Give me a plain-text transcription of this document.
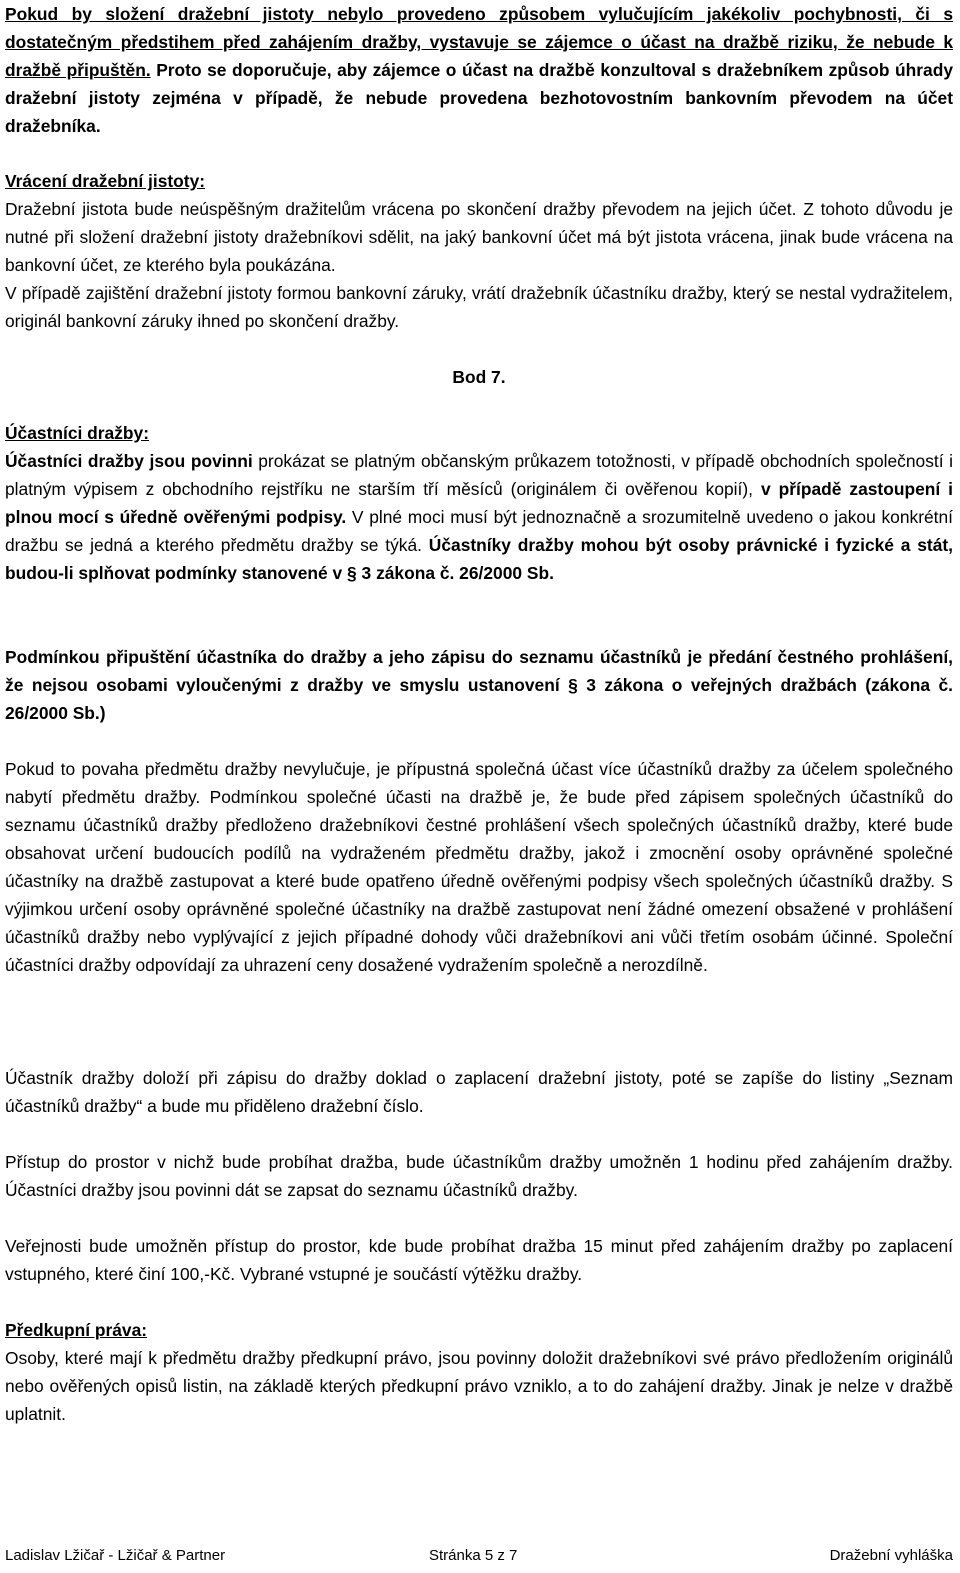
Pokud by složení dražební jistoty nebylo provedeno způsobem vylučujícím jakékoliv pochybnosti, či s dostatečným předstihem před zahájením dražby, vystavuje se zájemce o účast na dražbě riziku, že nebude k dražbě připuštěn. Proto se doporučuje, aby zájemce o účast na dražbě konzultoval s dražebníkem způsob úhrady dražební jistoty zejména v případě, že nebude provedena bezhotovostním bankovním převodem na účet dražebníka.

Vrácení dražební jistoty:

Dražební jistota bude neúspěšným dražitelům vrácena po skončení dražby převodem na jejich účet. Z tohoto důvodu je nutné při složení dražební jistoty dražebníkovi sdělit, na jaký bankovní účet má být jistota vrácena, jinak bude vrácena na bankovní účet, ze kterého byla poukázána.

V případě zajištění dražební jistoty formou bankovní záruky, vrátí dražebník účastníku dražby, který se nestal vydražitelem, originál bankovní záruky ihned po skončení dražby.

Bod 7.

Účastníci dražby:

Účastníci dražby jsou povinni prokázat se platným občanským průkazem totožnosti, v případě obchodních společností i platným výpisem z obchodního rejstříku ne starším tří měsíců (originálem či ověřenou kopií), v případě zastoupení i plnou mocí s úředně ověřenými podpisy. V plné moci musí být jednoznačně a srozumitelně uvedeno o jakou konkrétní dražbu se jedná a kterého předmětu dražby se týká. Účastníky dražby mohou být osoby právnické i fyzické a stát, budou-li splňovat podmínky stanovené v § 3 zákona č. 26/2000 Sb.

Podmínkou připuštění účastníka do dražby a jeho zápisu do seznamu účastníků je předání čestného prohlášení, že nejsou osobami vyloučenými z dražby ve smyslu ustanovení § 3 zákona o veřejných dražbách (zákona č. 26/2000 Sb.)

Pokud to povaha předmětu dražby nevylučuje, je přípustná společná účast více účastníků dražby za účelem společného nabytí předmětu dražby. Podmínkou společné účasti na dražbě je, že bude před zápisem společných účastníků do seznamu účastníků dražby předloženo dražebníkovi čestné prohlášení všech společných účastníků dražby, které bude obsahovat určení budoucích podílů na vydraženém předmětu dražby, jakož i zmocnění osoby oprávněné společné účastníky na dražbě zastupovat a které bude opatřeno úředně ověřenými podpisy všech společných účastníků dražby. S výjimkou určení osoby oprávněné společné účastníky na dražbě zastupovat není žádné omezení obsažené v prohlášení účastníků dražby nebo vyplývající z jejich případné dohody vůči dražebníkovi ani vůči třetím osobám účinné. Společní účastníci dražby odpovídají za uhrazení ceny dosažené vydražením společně a nerozdílně.

Účastník dražby doloží při zápisu do dražby doklad o zaplacení dražební jistoty, poté se zapíše do listiny „Seznam účastníků dražby“ a bude mu přiděleno dražební číslo.

Přístup do prostor v nichž bude probíhat dražba, bude účastníkům dražby umožněn 1 hodinu před zahájením dražby. Účastníci dražby jsou povinni dát se zapsat do seznamu účastníků dražby.

Veřejnosti bude umožněn přístup do prostor, kde bude probíhat dražba 15 minut před zahájením dražby po zaplacení vstupného, které činí 100,-Kč. Vybrané vstupné je součástí výtěžku dražby.

Předkupní práva:

Osoby, které mají k předmětu dražby předkupní právo, jsou povinny doložit dražebníkovi své právo předložením originálů nebo ověřených opisů listin, na základě kterých předkupní právo vzniklo, a to do zahájení dražby. Jinak je nelze v dražbě uplatnit.

Ladislav Lžičař - Lžičař & Partner	Stránka 5 z 7	Dražební vyhláška
